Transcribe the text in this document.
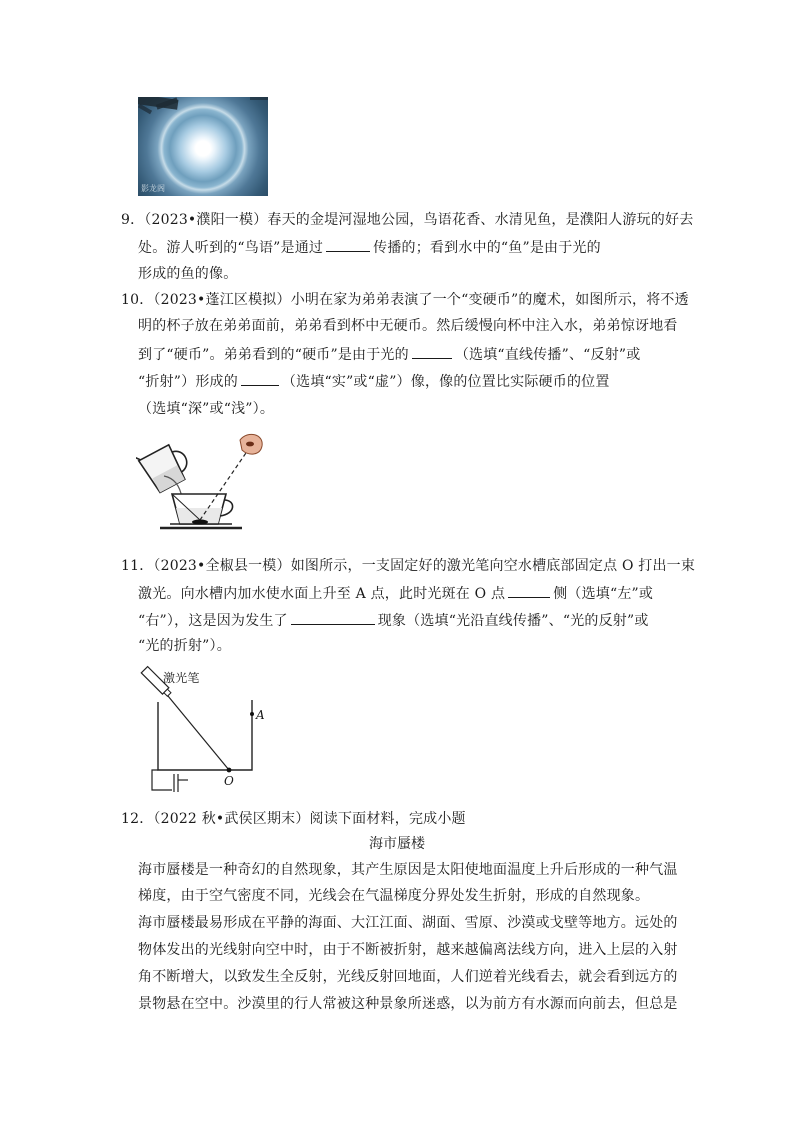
影龙阁
9．（2023•濮阳一模）春天的金堤河湿地公园，鸟语花香、水清见鱼，是濮阳人游玩的好去
处。游人听到的“鸟语”是通过	传播的；看到水中的“鱼”是由于光的
形成的鱼的像。
10．（2023•蓬江区模拟）小明在家为弟弟表演了一个“变硬币”的魔术，如图所示，将不透
明的杯子放在弟弟面前，弟弟看到杯中无硬币。然后缓慢向杯中注入水，弟弟惊讶地看
到了“硬币”。弟弟看到的“硬币”是由于光的	（选填“直线传播”、“反射”或
“折射”）形成的	（选填“实”或“虚”）像，像的位置比实际硬币的位置
（选填“深”或“浅”）。
11．（2023•全椒县一模）如图所示，一支固定好的激光笔向空水槽底部固定点 O 打出一束
激光。向水槽内加水使水面上升至 A 点，此时光斑在 O 点	侧（选填“左”或
“右”），这是因为发生了	现象（选填“光沿直线传播”、“光的反射”或
“光的折射”）。
激光笔
A
O
12．（2022 秋•武侯区期末）阅读下面材料，完成小题
海市蜃楼
海市蜃楼是一种奇幻的自然现象，其产生原因是太阳使地面温度上升后形成的一种气温
梯度，由于空气密度不同，光线会在气温梯度分界处发生折射，形成的自然现象。
海市蜃楼最易形成在平静的海面、大江江面、湖面、雪原、沙漠或戈壁等地方。远处的
物体发出的光线射向空中时，由于不断被折射，越来越偏离法线方向，进入上层的入射
角不断增大，以致发生全反射，光线反射回地面，人们逆着光线看去，就会看到远方的
景物悬在空中。沙漠里的行人常被这种景象所迷惑，以为前方有水源而向前去，但总是
